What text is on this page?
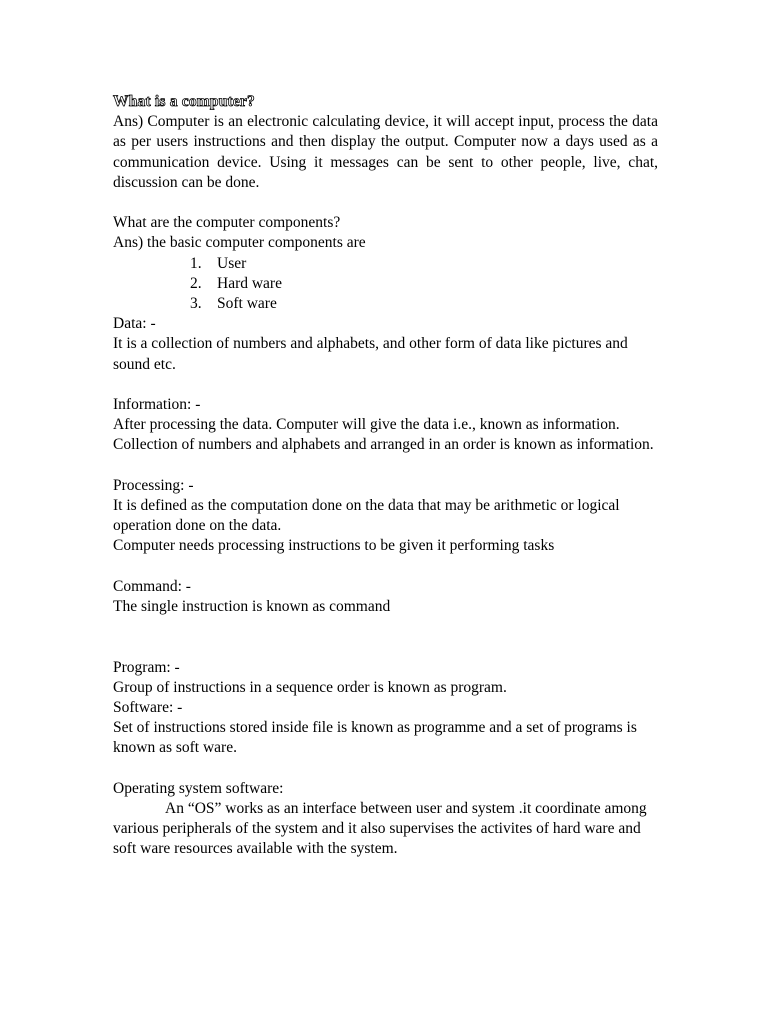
What is a computer?

Ans) Computer is an electronic calculating device, it will accept input, process the data as per users instructions and then display the output. Computer now a days used as a communication device. Using it messages can be sent to other people, live, chat, discussion can be done.

What are the computer components?

Ans) the basic computer components are

1. User
2. Hard ware
3. Soft ware

Data: -

It is a collection of numbers and alphabets, and other form of data like pictures and sound etc.

Information: -

After processing the data. Computer will give the data i.e., known as information.

Collection of numbers and alphabets and arranged in an order is known as information.

Processing: -

It is defined as the computation done on the data that may be arithmetic or logical operation done on the data.

Computer needs processing instructions to be given it performing tasks

Command: -

The single instruction is known as command

Program: -

Group of instructions in a sequence order is known as program.

Software: -

Set of instructions stored inside file is known as programme and a set of programs is known as soft ware.

Operating system software:

An “OS” works as an interface between user and system .it coordinate among various peripherals of the system and it also supervises the activites of hard ware and soft ware resources available with the system.
